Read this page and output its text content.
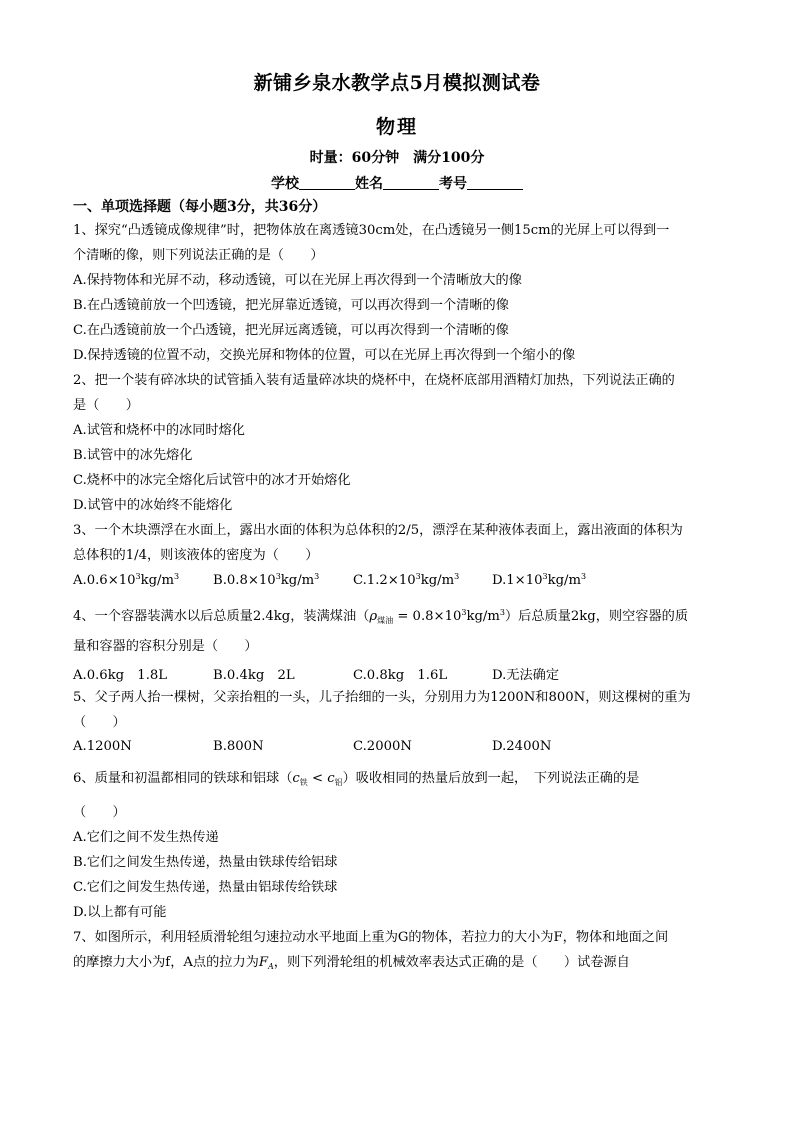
新铺乡泉水教学点5月模拟测试卷
物理
时量：60分钟　满分100分
学校	姓名	考号
一、单项选择题（每小题3分，共36分）
1、探究“凸透镜成像规律”时，把物体放在离透镜30cm处，在凸透镜另一侧15cm的光屏上可以得到一
个清晰的像，则下列说法正确的是（　　）
A.保持物体和光屏不动，移动透镜，可以在光屏上再次得到一个清晰放大的像
B.在凸透镜前放一个凹透镜，把光屏靠近透镜，可以再次得到一个清晰的像
C.在凸透镜前放一个凸透镜，把光屏远离透镜，可以再次得到一个清晰的像
D.保持透镜的位置不动，交换光屏和物体的位置，可以在光屏上再次得到一个缩小的像
2、把一个装有碎冰块的试管插入装有适量碎冰块的烧杯中，在烧杯底部用酒精灯加热，下列说法正确的
是（　　）
A.试管和烧杯中的冰同时熔化
B.试管中的冰先熔化
C.烧杯中的冰完全熔化后试管中的冰才开始熔化
D.试管中的冰始终不能熔化
3、一个木块漂浮在水面上，露出水面的体积为总体积的2/5，漂浮在某种液体表面上，露出液面的体积为
总体积的1/4，则该液体的密度为（　　）
$A.0.6\times 10^3kg/m^3$	$B.0.8\times 10^3kg/m^3$	$C.1.2\times 10^3kg/m^3$ $D.1\times 10^3kg/m^3$
4、一个容器装满水以后总质量2.4kg，装满煤油$(\rho_{煤油} = 0.8\times 10^3kg/m^3)$后总质量2kg，则空容器的质
量和容器的容积分别是（　　）
A.0.6kg　1.8L	B.0.4kg　2L	C.0.8kg　1.6L	D.无法确定
5、父子两人抬一棵树，父亲抬粗的一头，儿子抬细的一头，分别用力为1200N和800N，则这棵树的重为
（　　）
A.1200N	B.800N	C.2000N	D.2400N
6、质量和初温都相同的铁球和铝球$(c_铁 < c_铝)$吸收相同的热量后放到一起，　下列说法正确的是
（　　）
A.它们之间不发生热传递
B.它们之间发生热传递，热量由铁球传给铝球
C.它们之间发生热传递，热量由铝球传给铁球
D.以上都有可能
7、如图所示，利用轻质滑轮组匀速拉动水平地面上重为G的物体，若拉力的大小为F，物体和地面之间
的摩擦力大小为f，A点的拉力为$F_A$，则下列滑轮组的机械效率表达式正确的是（　　）试卷源自
